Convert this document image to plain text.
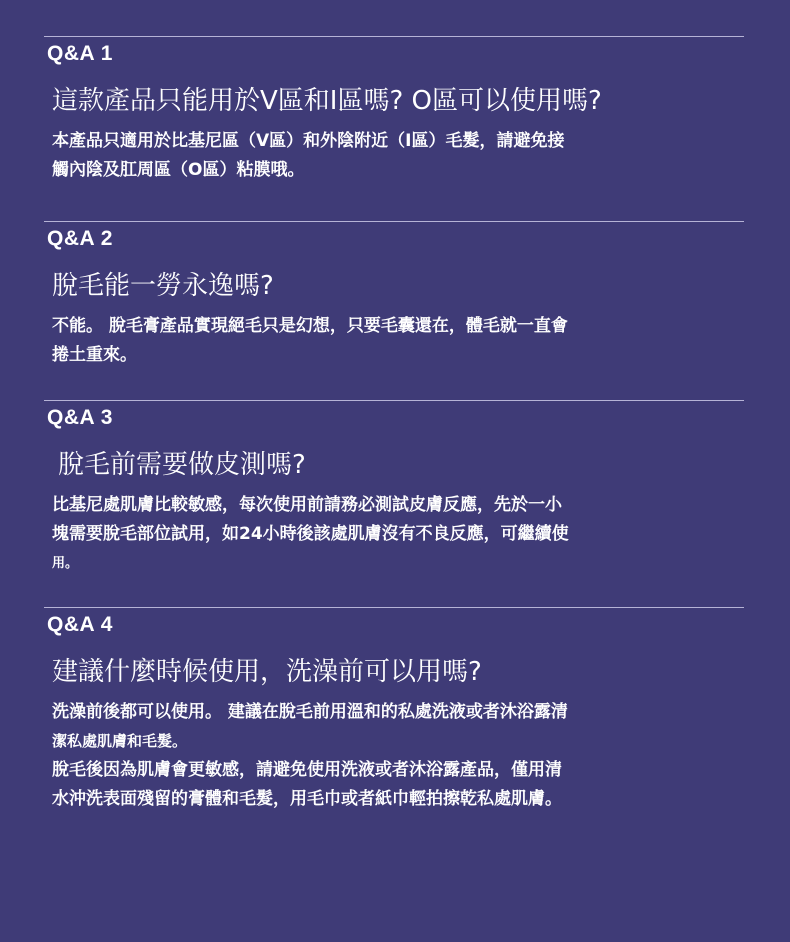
Q&A 1
這款產品只能用於V區和I區嗎? O區可以使用嗎?

本產品只適用於比基尼區（V區）和外陰附近（I區）毛髮，請避免接

觸內陰及肛周區（O區）粘膜哦。

Q&A 2
脫毛能一勞永逸嗎?

不能。 脫毛膏產品實現絕毛只是幻想，只要毛囊還在，體毛就一直會

捲土重來。

Q&A 3
脫毛前需要做皮測嗎?

比基尼處肌膚比較敏感，每次使用前請務必測試皮膚反應，先於一小

塊需要脫毛部位試用，如24小時後該處肌膚沒有不良反應，可繼續使

用。

Q&A 4
建議什麼時候使用，洗澡前可以用嗎?

洗澡前後都可以使用。 建議在脫毛前用溫和的私處洗液或者沐浴露清

潔私處肌膚和毛髮。

脫毛後因為肌膚會更敏感，請避免使用洗液或者沐浴露產品，僅用清

水沖洗表面殘留的膏體和毛髮，用毛巾或者紙巾輕拍擦乾私處肌膚。
